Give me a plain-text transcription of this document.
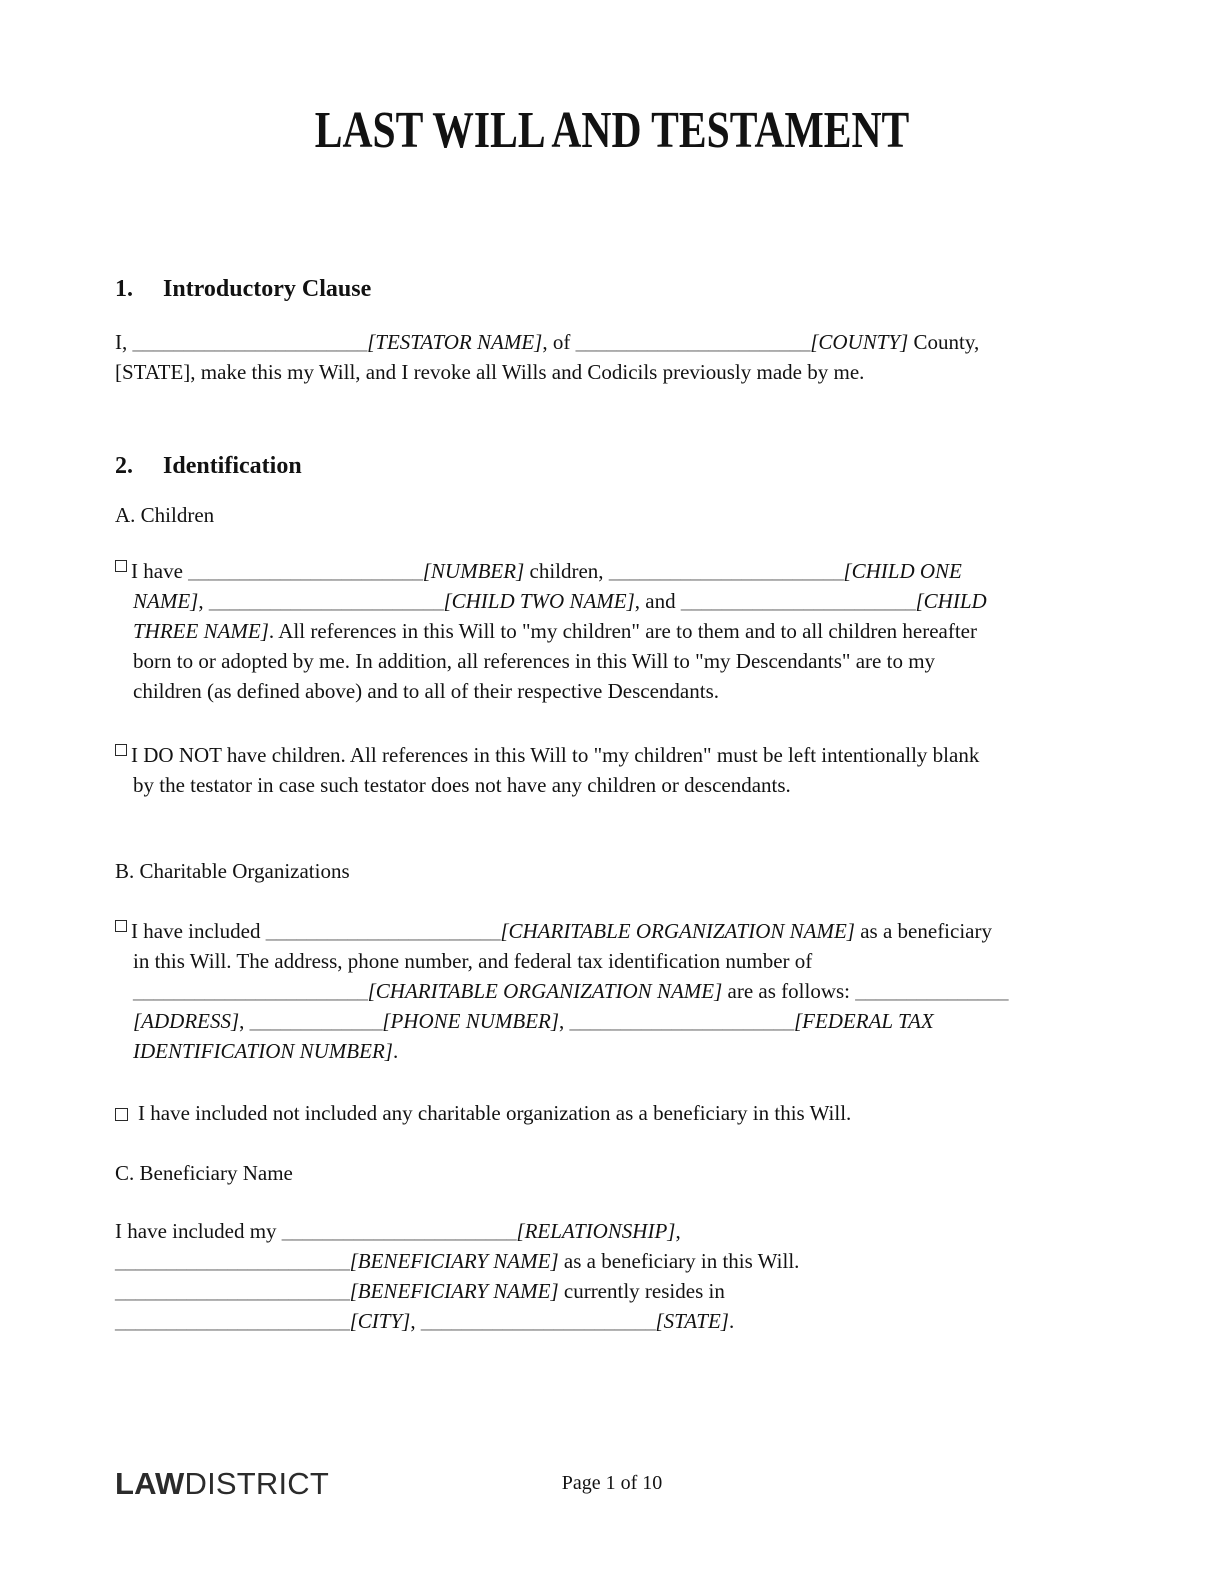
LAST WILL AND TESTAMENT
1. Introductory Clause
I, _______________________[TESTATOR NAME], of _______________________[COUNTY] County,
[STATE], make this my Will, and I revoke all Wills and Codicils previously made by me.
2. Identification
A. Children
I have _______________________[NUMBER] children, _______________________[CHILD ONE
NAME], _______________________[CHILD TWO NAME], and _______________________[CHILD
THREE NAME]. All references in this Will to "my children" are to them and to all children hereafter
born to or adopted by me. In addition, all references in this Will to "my Descendants" are to my
children (as defined above) and to all of their respective Descendants.
I DO NOT have children. All references in this Will to "my children" must be left intentionally blank
by the testator in case such testator does not have any children or descendants.
B. Charitable Organizations
I have included _______________________[CHARITABLE ORGANIZATION NAME] as a beneficiary
in this Will. The address, phone number, and federal tax identification number of
_______________________[CHARITABLE ORGANIZATION NAME] are as follows: _______________
[ADDRESS], _____________[PHONE NUMBER], ______________________[FEDERAL TAX
IDENTIFICATION NUMBER].
I have included not included any charitable organization as a beneficiary in this Will.
C. Beneficiary Name
I have included my _______________________[RELATIONSHIP],
_______________________[BENEFICIARY NAME] as a beneficiary in this Will.
_______________________[BENEFICIARY NAME] currently resides in
_______________________[CITY], _______________________[STATE].
LAWDISTRICT	Page 1 of 10
